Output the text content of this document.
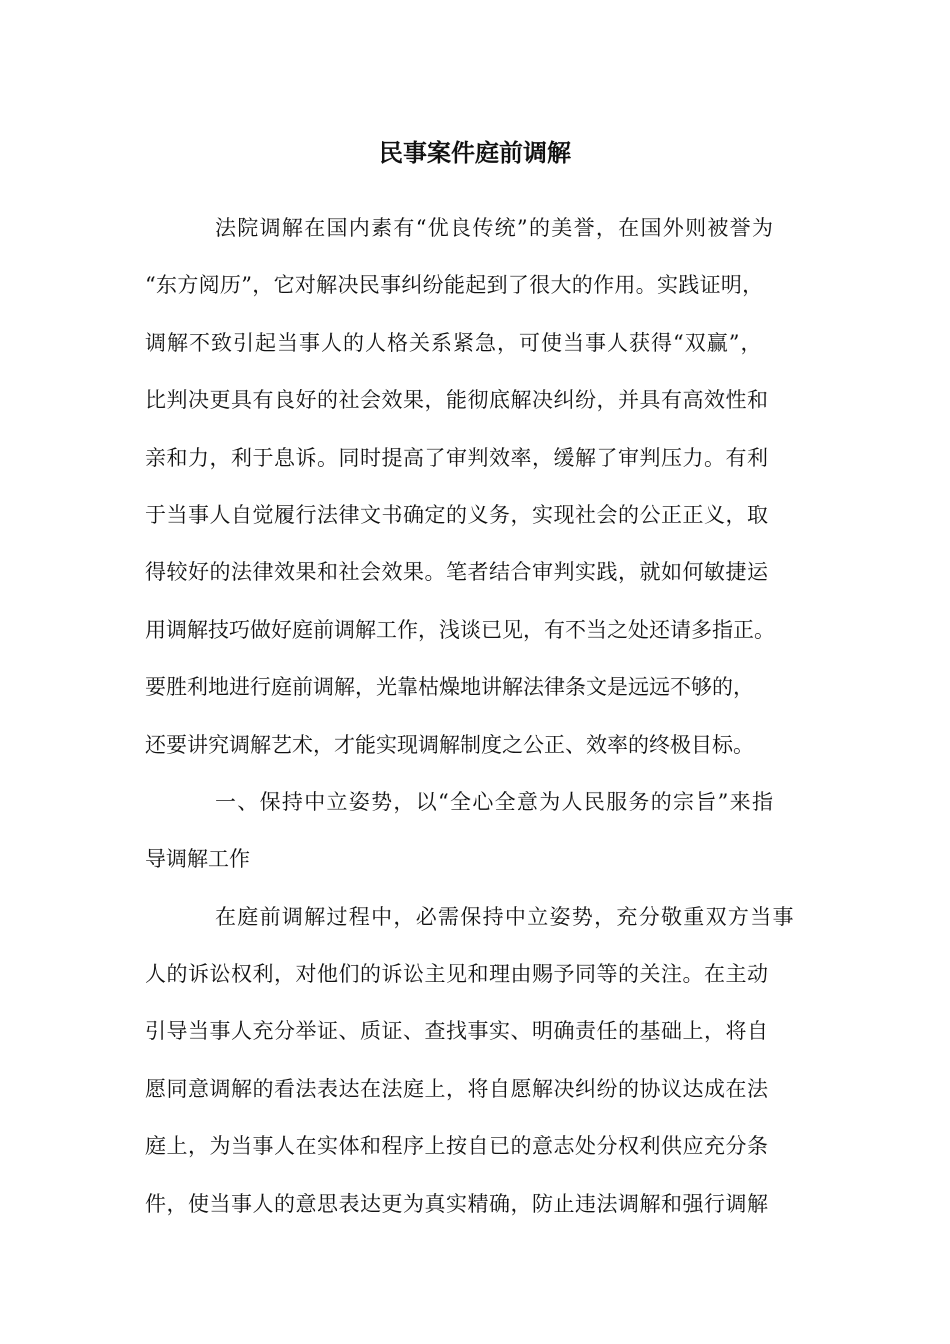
民事案件庭前调解
法院调解在国内素有“优良传统”的美誉，在国外则被誉为
“东方阅历”，它对解决民事纠纷能起到了很大的作用。实践证明，
调解不致引起当事人的人格关系紧急，可使当事人获得“双赢”，
比判决更具有良好的社会效果，能彻底解决纠纷，并具有高效性和
亲和力，利于息诉。同时提高了审判效率，缓解了审判压力。有利
于当事人自觉履行法律文书确定的义务，实现社会的公正正义，取
得较好的法律效果和社会效果。笔者结合审判实践，就如何敏捷运
用调解技巧做好庭前调解工作，浅谈已见，有不当之处还请多指正。
要胜利地进行庭前调解，光靠枯燥地讲解法律条文是远远不够的，
还要讲究调解艺术，才能实现调解制度之公正、效率的终极目标。
一、保持中立姿势，以“全心全意为人民服务的宗旨”来指
导调解工作
在庭前调解过程中，必需保持中立姿势，充分敬重双方当事
人的诉讼权利，对他们的诉讼主见和理由赐予同等的关注。在主动
引导当事人充分举证、质证、查找事实、明确责任的基础上，将自
愿同意调解的看法表达在法庭上，将自愿解决纠纷的协议达成在法
庭上，为当事人在实体和程序上按自已的意志处分权利供应充分条
件，使当事人的意思表达更为真实精确，防止违法调解和强行调解
